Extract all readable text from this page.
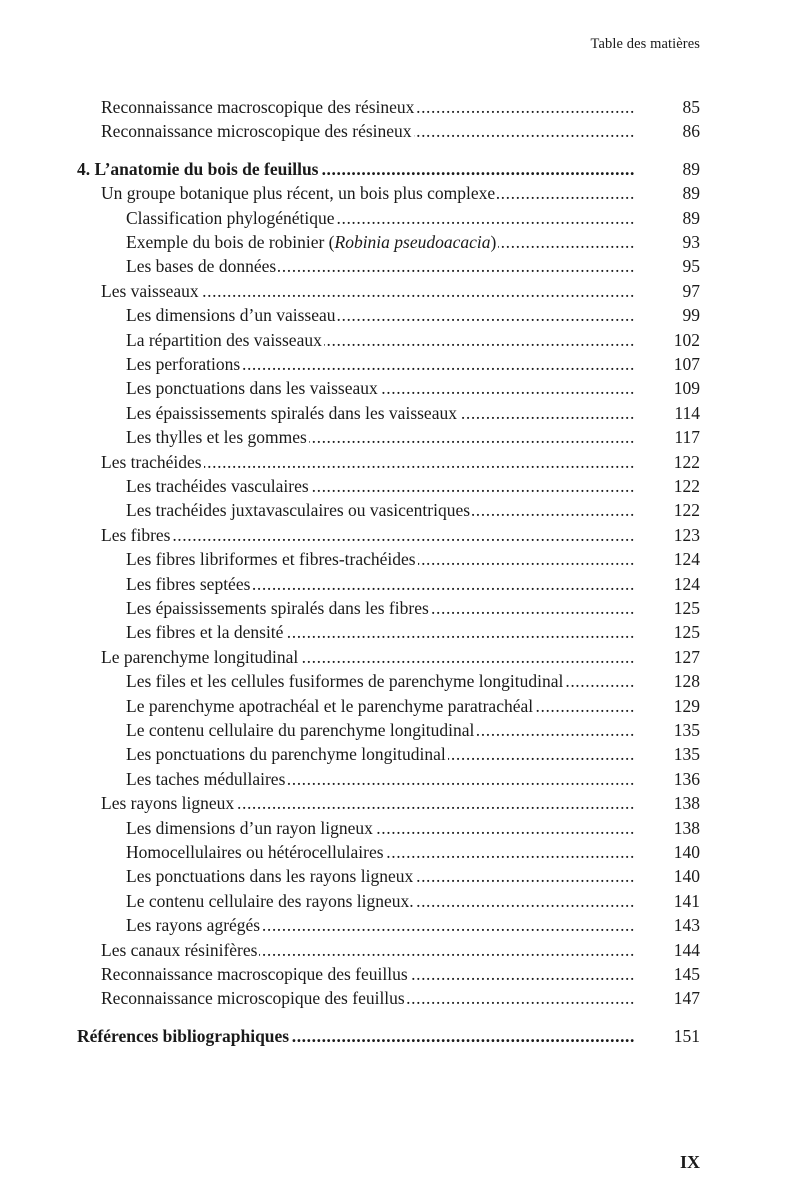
Table des matières
.....
Reconnaissance macroscopique des résineux	85
.....
Reconnaissance microscopique des résineux	86
.....
4. L’anatomie du bois de feuillus	89
.....
Un groupe botanique plus récent, un bois plus complexe	89
.....
Classification phylogénétique	89
.....
Exemple du bois de robinier (Robinia pseudoacacia)	93
.....
Les bases de données	95
.....
Les vaisseaux	97
.....
Les dimensions d’un vaisseau	99
.....
La répartition des vaisseaux	102
.....
Les perforations	107
.....
Les ponctuations dans les vaisseaux	109
.....
Les épaississements spiralés dans les vaisseaux	114
.....
Les thylles et les gommes	117
.....
Les trachéides	122
.....
Les trachéides vasculaires	122
.....
Les trachéides juxtavasculaires ou vasicentriques	122
.....
Les fibres	123
.....
Les fibres libriformes et fibres-trachéides	124
.....
Les fibres septées	124
.....
Les épaississements spiralés dans les fibres	125
.....
Les fibres et la densité	125
.....
Le parenchyme longitudinal	127
.....
Les files et les cellules fusiformes de parenchyme longitudinal	128
.....
Le parenchyme apotrachéal et le parenchyme paratrachéal	129
.....
Le contenu cellulaire du parenchyme longitudinal	135
.....
Les ponctuations du parenchyme longitudinal	135
.....
Les taches médullaires	136
.....
Les rayons ligneux	138
.....
Les dimensions d’un rayon ligneux	138
.....
Homocellulaires ou hétérocellulaires	140
.....
Les ponctuations dans les rayons ligneux	140
.....
Le contenu cellulaire des rayons ligneux.	141
.....
Les rayons agrégés	143
.....
Les canaux résinifères	144
.....
Reconnaissance macroscopique des feuillus	145
.....
Reconnaissance microscopique des feuillus	147
.....
Références bibliographiques	151
IX
